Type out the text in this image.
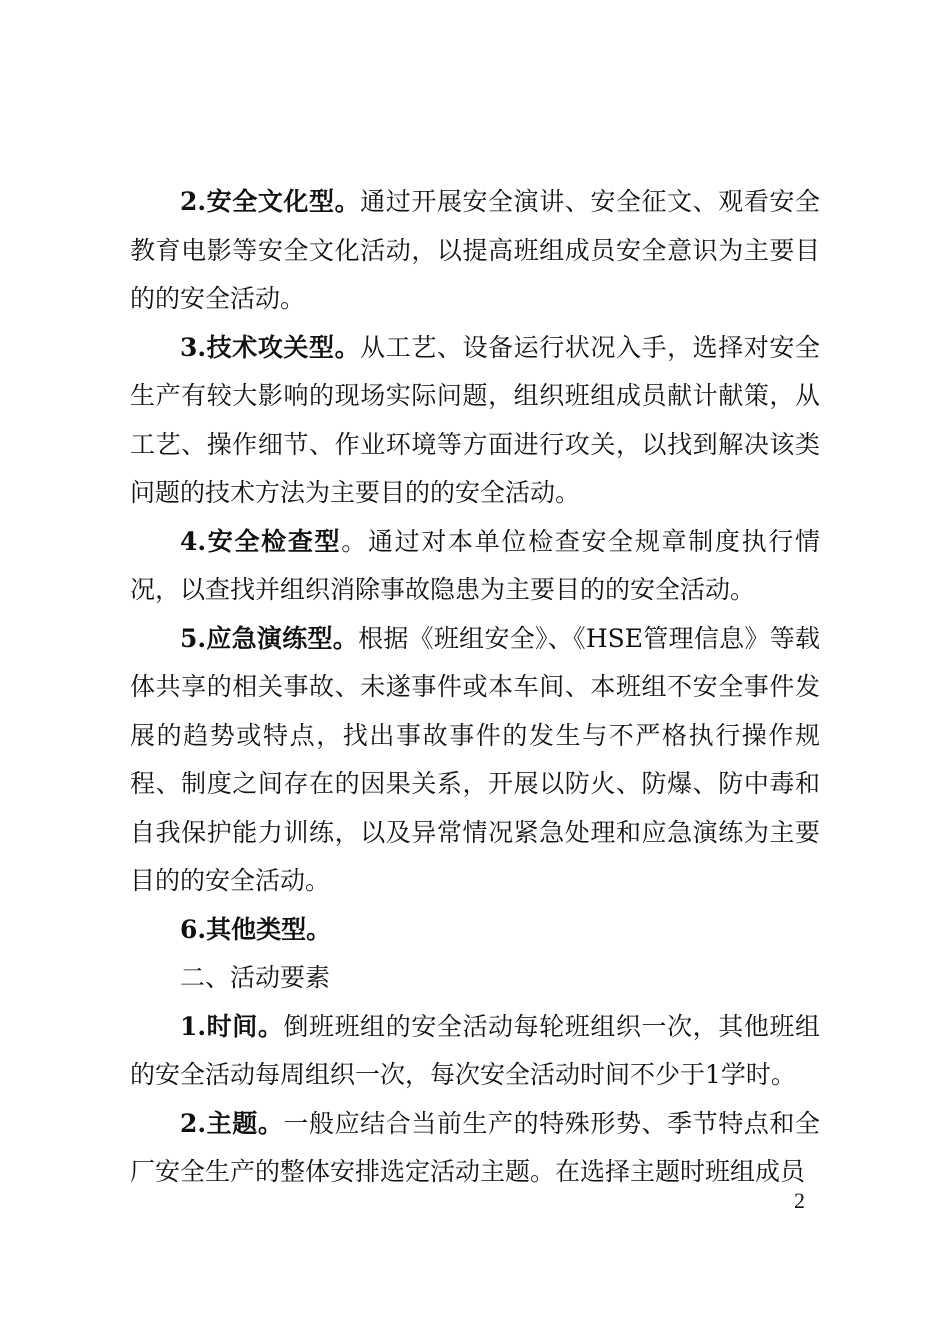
2.安全文化型。通过开展安全演讲、安全征文、观看安全教育电影等安全文化活动，以提高班组成员安全意识为主要目的的安全活动。

3.技术攻关型。从工艺、设备运行状况入手，选择对安全生产有较大影响的现场实际问题，组织班组成员献计献策，从工艺、操作细节、作业环境等方面进行攻关，以找到解决该类问题的技术方法为主要目的的安全活动。

4.安全检查型。通过对本单位检查安全规章制度执行情况，以查找并组织消除事故隐患为主要目的的安全活动。

5.应急演练型。根据《班组安全》、《HSE管理信息》等载体共享的相关事故、未遂事件或本车间、本班组不安全事件发展的趋势或特点，找出事故事件的发生与不严格执行操作规程、制度之间存在的因果关系，开展以防火、防爆、防中毒和自我保护能力训练，以及异常情况紧急处理和应急演练为主要目的的安全活动。

6.其他类型。

二、活动要素

1.时间。倒班班组的安全活动每轮班组织一次，其他班组的安全活动每周组织一次，每次安全活动时间不少于1学时。

2.主题。一般应结合当前生产的特殊形势、季节特点和全厂安全生产的整体安排选定活动主题。在选择主题时班组成员

2
